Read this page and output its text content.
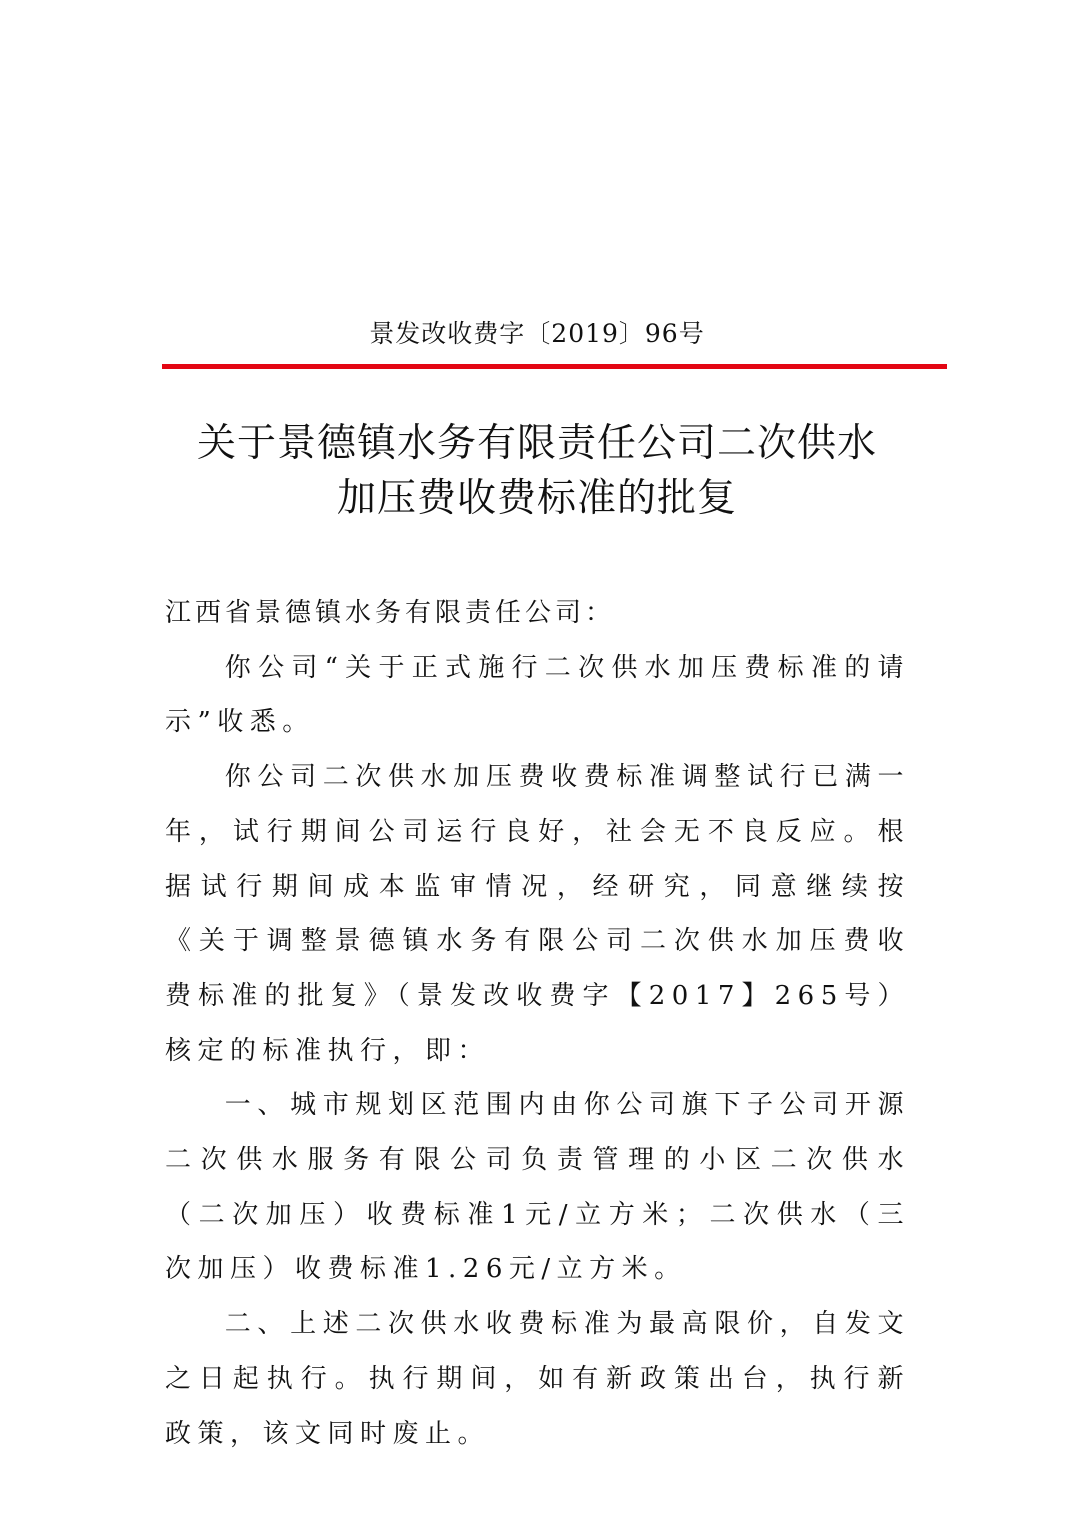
景发改收费字〔2019〕96号
关于景德镇水务有限责任公司二次供水
加压费收费标准的批复

江西省景德镇水务有限责任公司：

你公司“关于正式施行二次供水加压费标准的请示”收悉。

你公司二次供水加压费收费标准调整试行已满一年，试行期间公司运行良好，社会无不良反应。根据试行期间成本监审情况，经研究，同意继续按《关于调整景德镇水务有限公司二次供水加压费收费标准的批复》（景发改收费字【2017】265号）核定的标准执行，即：

一、城市规划区范围内由你公司旗下子公司开源二次供水服务有限公司负责管理的小区二次供水（二次加压）收费标准1元/立方米；二次供水（三次加压）收费标准1.26元/立方米。

二、上述二次供水收费标准为最高限价，自发文之日起执行。执行期间，如有新政策出台，执行新政策，该文同时废止。
